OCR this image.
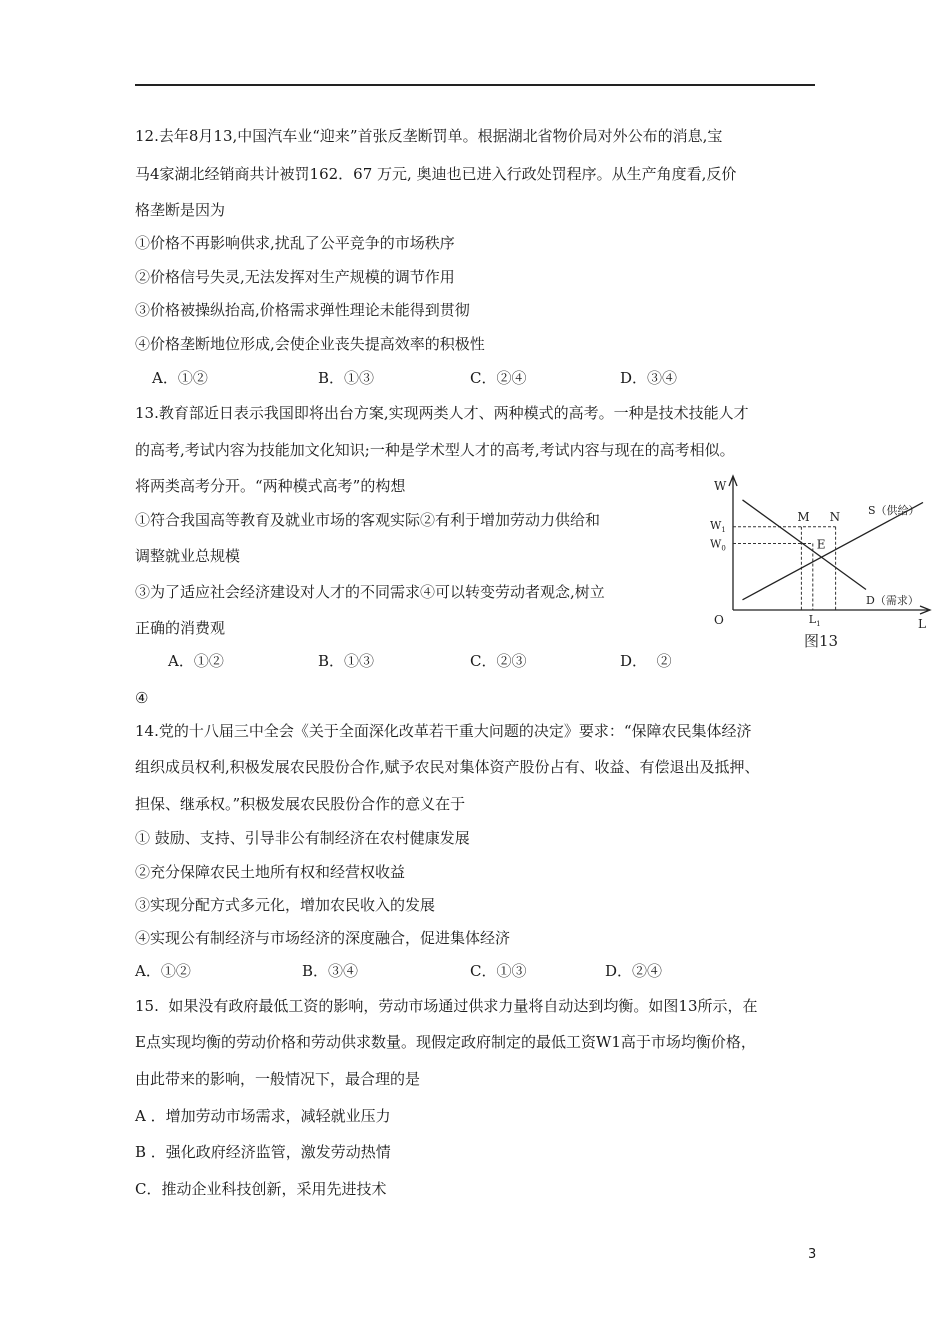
12.去年8月13,中国汽车业“迎来”首张反垄断罚单。根据湖北省物价局对外公布的消息,宝
马4家湖北经销商共计被罚162．67 万元, 奥迪也已进入行政处罚程序。从生产角度看,反价
格垄断是因为
①价格不再影响供求,扰乱了公平竞争的市场秩序
②价格信号失灵,无法发挥对生产规模的调节作用
③价格被操纵抬高,价格需求弹性理论未能得到贯彻
④价格垄断地位形成,会使企业丧失提高效率的积极性
A．①②	B．①③	C．②④	D．③④
13.教育部近日表示我国即将出台方案,实现两类人才、两种模式的高考。一种是技术技能人才
的高考,考试内容为技能加文化知识;一种是学术型人才的高考,考试内容与现在的高考相似。
将两类高考分开。“两种模式高考”的构想
①符合我国高等教育及就业市场的客观实际②有利于增加劳动力供给和
调整就业总规模
③为了适应社会经济建设对人才的不同需求④可以转变劳动者观念,树立
正确的消费观
A．①②	B．①③	C．②③	D．  ②
④
W
L
O
$W_1$
$W_0$
$L_1$
M N
E
S（供给）
D（需求）
图13
14.党的十八届三中全会《关于全面深化改革若干重大问题的决定》要求：“保障农民集体经济
组织成员权利,积极发展农民股份合作,赋予农民对集体资产股份占有、收益、有偿退出及抵押、
担保、继承权。”积极发展农民股份合作的意义在于
① 鼓励、支持、引导非公有制经济在农村健康发展
②充分保障农民土地所有权和经营权收益
③实现分配方式多元化，增加农民收入的发展
④实现公有制经济与市场经济的深度融合，促进集体经济
A．①②	B．③④	C．①③	D．②④
15.  如果没有政府最低工资的影响，劳动市场通过供求力量将自动达到均衡。如图13所示，在
E点实现均衡的劳动价格和劳动供求数量。现假定政府制定的最低工资W1高于市场均衡价格，
由此带来的影响，一般情况下，最合理的是
A ．增加劳动市场需求，减轻就业压力
B ．强化政府经济监管，激发劳动热情
C．推动企业科技创新，采用先进技术
3
